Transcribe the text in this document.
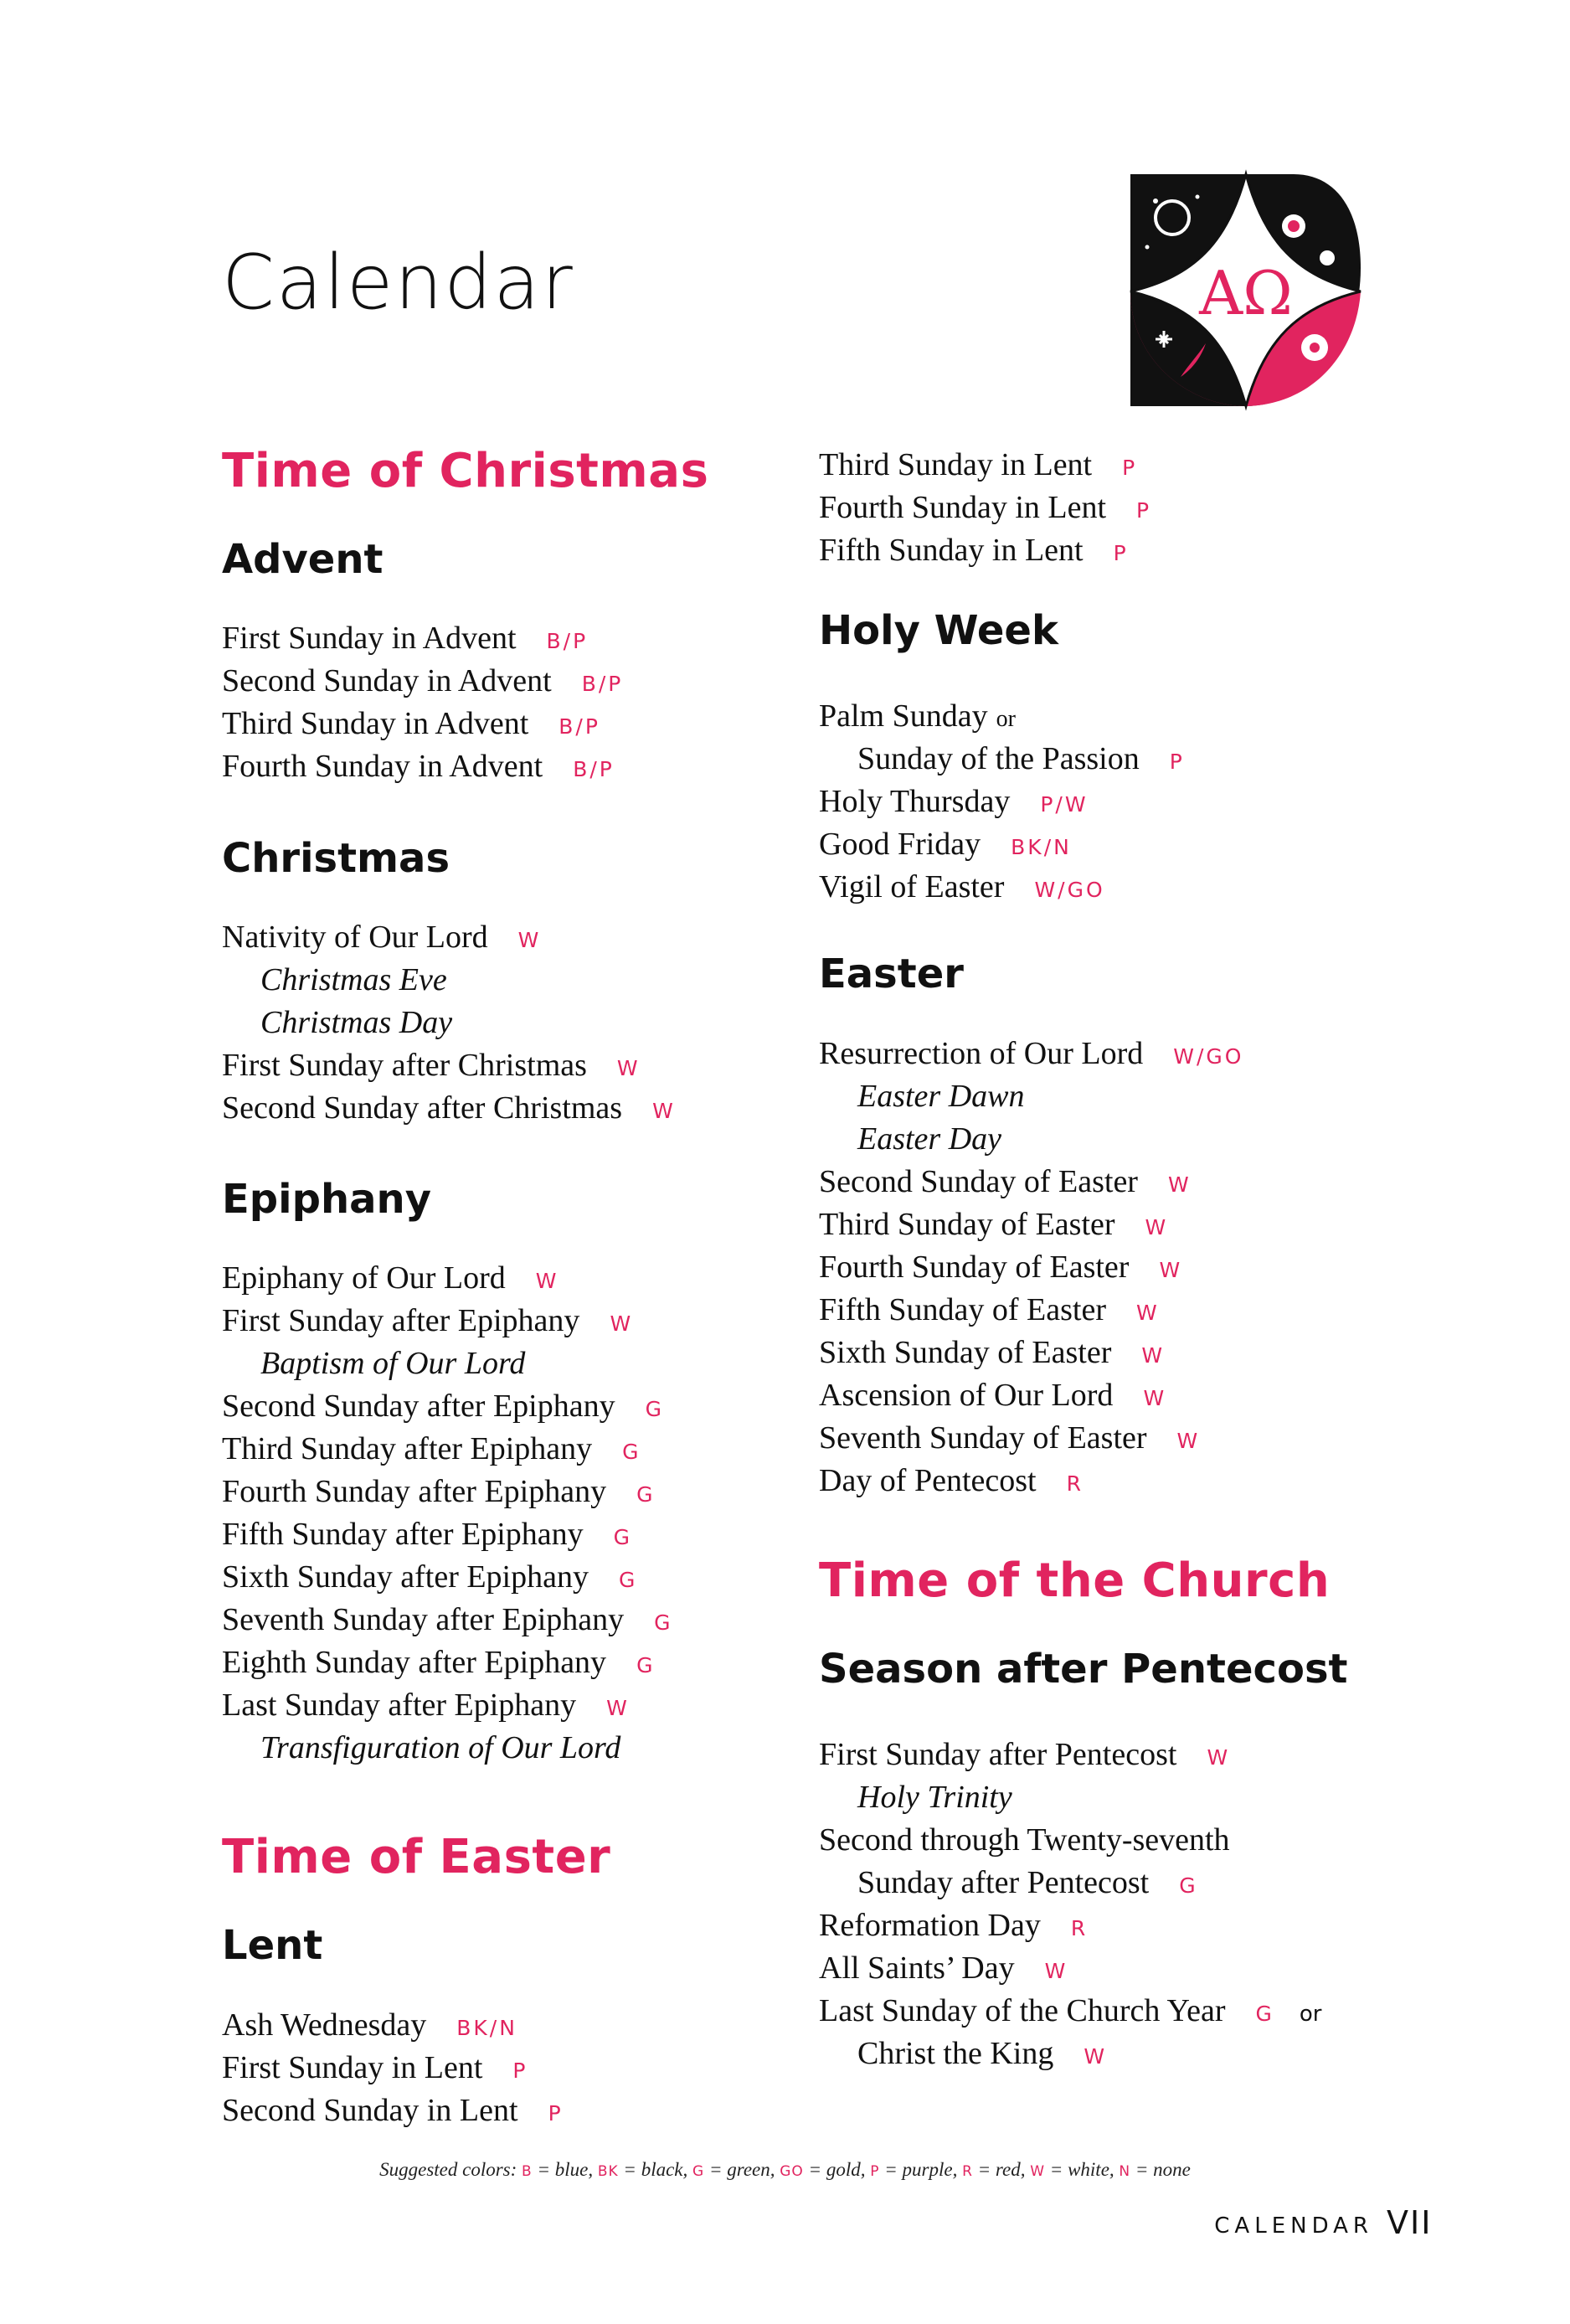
Calendar	AΩ
Time of Christmas
Advent
First Sunday in Advent B/P
Second Sunday in Advent B/P
Third Sunday in Advent B/P
Fourth Sunday in Advent B/P
Christmas
Nativity of Our Lord W
Christmas Eve
Christmas Day
First Sunday after Christmas W
Second Sunday after Christmas W
Epiphany
Epiphany of Our Lord W
First Sunday after Epiphany W
Baptism of Our Lord
Second Sunday after Epiphany G
Third Sunday after Epiphany G
Fourth Sunday after Epiphany G
Fifth Sunday after Epiphany G
Sixth Sunday after Epiphany G
Seventh Sunday after Epiphany G
Eighth Sunday after Epiphany G
Last Sunday after Epiphany W
Transfiguration of Our Lord
Time of Easter
Lent
Ash Wednesday BK/N
First Sunday in Lent P
Second Sunday in Lent P
Third Sunday in Lent P
Fourth Sunday in Lent P
Fifth Sunday in Lent P
Holy Week
Palm Sunday or
Sunday of the Passion P
Holy Thursday P/W
Good Friday BK/N
Vigil of Easter W/GO
Easter
Resurrection of Our Lord W/GO
Easter Dawn
Easter Day
Second Sunday of Easter W
Third Sunday of Easter W
Fourth Sunday of Easter W
Fifth Sunday of Easter W
Sixth Sunday of Easter W
Ascension of Our Lord W
Seventh Sunday of Easter W
Day of Pentecost R
Time of the Church
Season after Pentecost
First Sunday after Pentecost W
Holy Trinity
Second through Twenty-seventh
Sunday after Pentecost G
Reformation Day R
All Saints’ Day W
Last Sunday of the Church Year G or
Christ the King W
Suggested colors: B = blue, BK = black, G = green, GO = gold, P = purple, R = red, W = white, N = none
CALENDAR VII
